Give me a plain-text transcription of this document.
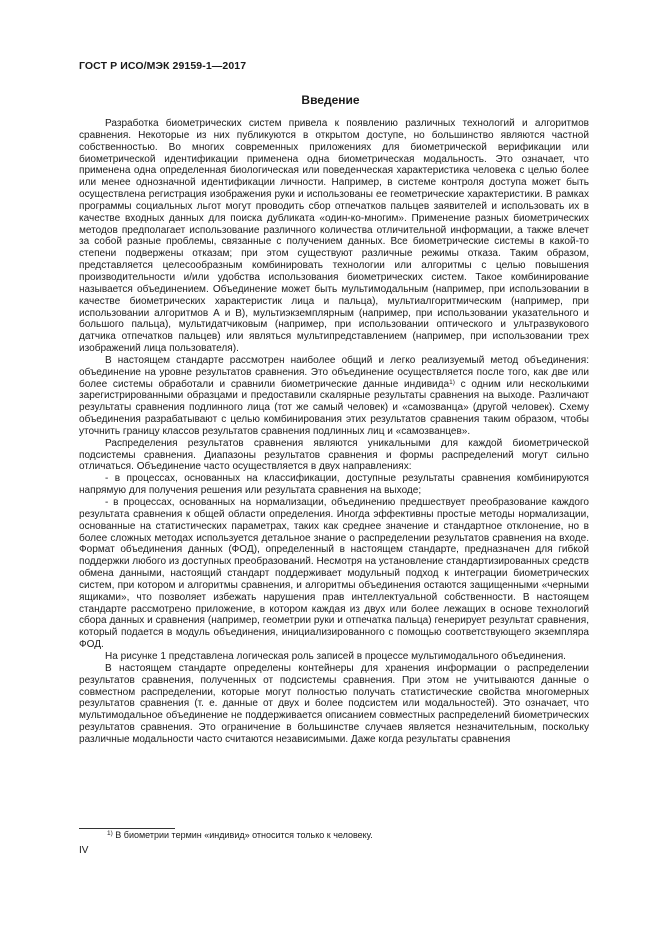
ГОСТ Р ИСО/МЭК 29159-1—2017
Введение

Разработка биометрических систем привела к появлению различных технологий и алгоритмов сравнения. Некоторые из них публикуются в открытом доступе, но большинство являются частной собственностью. Во многих современных приложениях для биометрической верификации или биометрической идентификации применена одна биометрическая модальность. Это означает, что применена одна определенная биологическая или поведенческая характеристика человека с целью более или менее однозначной идентификации личности. Например, в системе контроля доступа может быть осуществлена регистрация изображения руки и использованы ее геометрические характеристики. В рамках программы социальных льгот могут проводить сбор отпечатков пальцев заявителей и использовать их в качестве входных данных для поиска дубликата «один-ко-многим». Применение разных биометрических методов предполагает использование различного количества отличительной информации, а также влечет за собой разные проблемы, связанные с получением данных. Все биометрические системы в какой-то степени подвержены отказам; при этом существуют различные режимы отказа. Таким образом, представляется целесообразным комбинировать технологии или алгоритмы с целью повышения производительности и/или удобства использования биометрических систем. Такое комбинирование называется объединением. Объединение может быть мультимодальным (например, при использовании в качестве биометрических характеристик лица и пальца), мультиалгоритмическим (например, при использовании алгоритмов А и В), мультиэкземплярным (например, при использовании указательного и большого пальца), мультидатчиковым (например, при использовании оптического и ультразвукового датчика отпечатков пальцев) или являться мультипредставлением (например, при использовании трех изображений лица пользователя).

В настоящем стандарте рассмотрен наиболее общий и легко реализуемый метод объединения: объединение на уровне результатов сравнения. Это объединение осуществляется после того, как две или более системы обработали и сравнили биометрические данные индивида$^{1)}$ с одним или несколькими зарегистрированными образцами и предоставили скалярные результаты сравнения на выходе. Различают результаты сравнения подлинного лица (тот же самый человек) и «самозванца» (другой человек). Схему объединения разрабатывают с целью комбинирования этих результатов сравнения таким образом, чтобы уточнить границу классов результатов сравнения подлинных лиц и «самозванцев».

Распределения результатов сравнения являются уникальными для каждой биометрической подсистемы сравнения. Диапазоны результатов сравнения и формы распределений могут сильно отличаться. Объединение часто осуществляется в двух направлениях:

- в процессах, основанных на классификации, доступные результаты сравнения комбинируются напрямую для получения решения или результата сравнения на выходе;

- в процессах, основанных на нормализации, объединению предшествует преобразование каждого результата сравнения к общей области определения. Иногда эффективны простые методы нормализации, основанные на статистических параметрах, таких как среднее значение и стандартное отклонение, но в более сложных методах используется детальное знание о распределении результатов сравнения на входе. Формат объединения данных (ФОД), определенный в настоящем стандарте, предназначен для гибкой поддержки любого из доступных преобразований. Несмотря на установление стандартизированных средств обмена данными, настоящий стандарт поддерживает модульный подход к интеграции биометрических систем, при котором и алгоритмы сравнения, и алгоритмы объединения остаются защищенными «черными ящиками», что позволяет избежать нарушения прав интеллектуальной собственности. В настоящем стандарте рассмотрено приложение, в котором каждая из двух или более лежащих в основе технологий сбора данных и сравнения (например, геометрии руки и отпечатка пальца) генерирует результат сравнения, который подается в модуль объединения, инициализированного с помощью соответствующего экземпляра ФОД.

На рисунке 1 представлена логическая роль записей в процессе мультимодального объединения.

В настоящем стандарте определены контейнеры для хранения информации о распределении результатов сравнения, полученных от подсистемы сравнения. При этом не учитываются данные о совместном распределении, которые могут полностью получать статистические свойства многомерных результатов сравнения (т. е. данные от двух и более подсистем или модальностей). Это означает, что мультимодальное объединение не поддерживается описанием совместных распределений биометрических результатов сравнения. Это ограничение в большинстве случаев является незначительным, поскольку различные модальности часто считаются независимыми. Даже когда результаты сравнения

$^{1)}$ В биометрии термин «индивид» относится только к человеку.
IV
